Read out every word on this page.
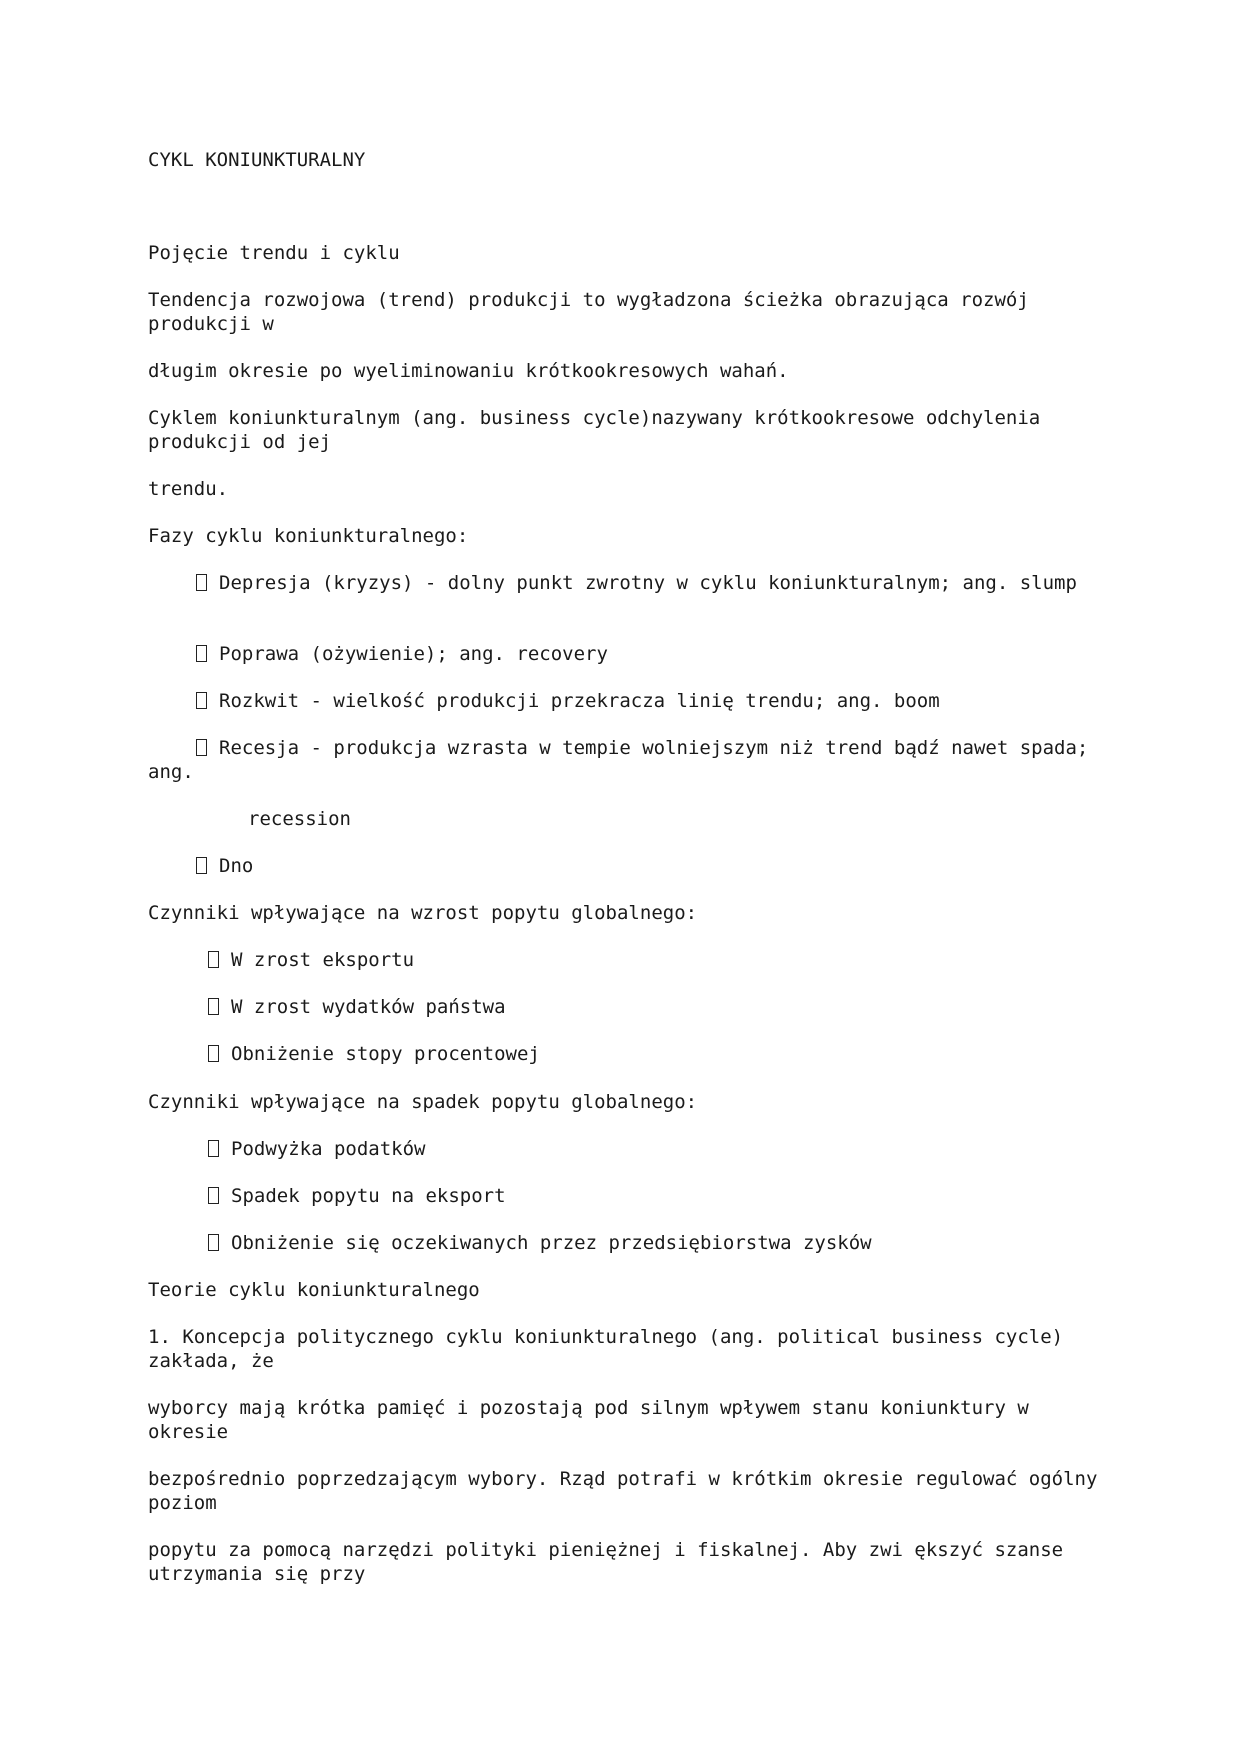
CYKL KONIUNKTURALNY

Pojęcie trendu i cyklu

Tendencja rozwojowa (trend) produkcji to wygładzona ścieżka obrazująca rozwój produkcji w

długim okresie po wyeliminowaniu krótkookresowych wahań.

Cyklem koniunkturalnym (ang. business cycle)nazywany krótkookresowe odchylenia produkcji od jej

trendu.

Fazy cyklu koniunkturalnego:

Depresja (kryzys) - dolny punkt zwrotny w cyklu koniunkturalnym; ang. slump

Poprawa (ożywienie); ang. recovery

Rozkwit - wielkość produkcji przekracza linię trendu; ang. boom

Recesja - produkcja wzrasta w tempie wolniejszym niż trend bądź nawet spada; ang.

recession

Dno

Czynniki wpływające na wzrost popytu globalnego:

W zrost eksportu

W zrost wydatków państwa

Obniżenie stopy procentowej

Czynniki wpływające na spadek popytu globalnego:

Podwyżka podatków

Spadek popytu na eksport

Obniżenie się oczekiwanych przez przedsiębiorstwa zysków

Teorie cyklu koniunkturalnego

1. Koncepcja politycznego cyklu koniunkturalnego (ang. political business cycle) zakłada, że

wyborcy mają krótka pamięć i pozostają pod silnym wpływem stanu koniunktury w okresie

bezpośrednio poprzedzającym wybory. Rząd potrafi w krótkim okresie regulować ogólny poziom

popytu za pomocą narzędzi polityki pieniężnej i fiskalnej. Aby zwi ększyć szanse utrzymania się przy
